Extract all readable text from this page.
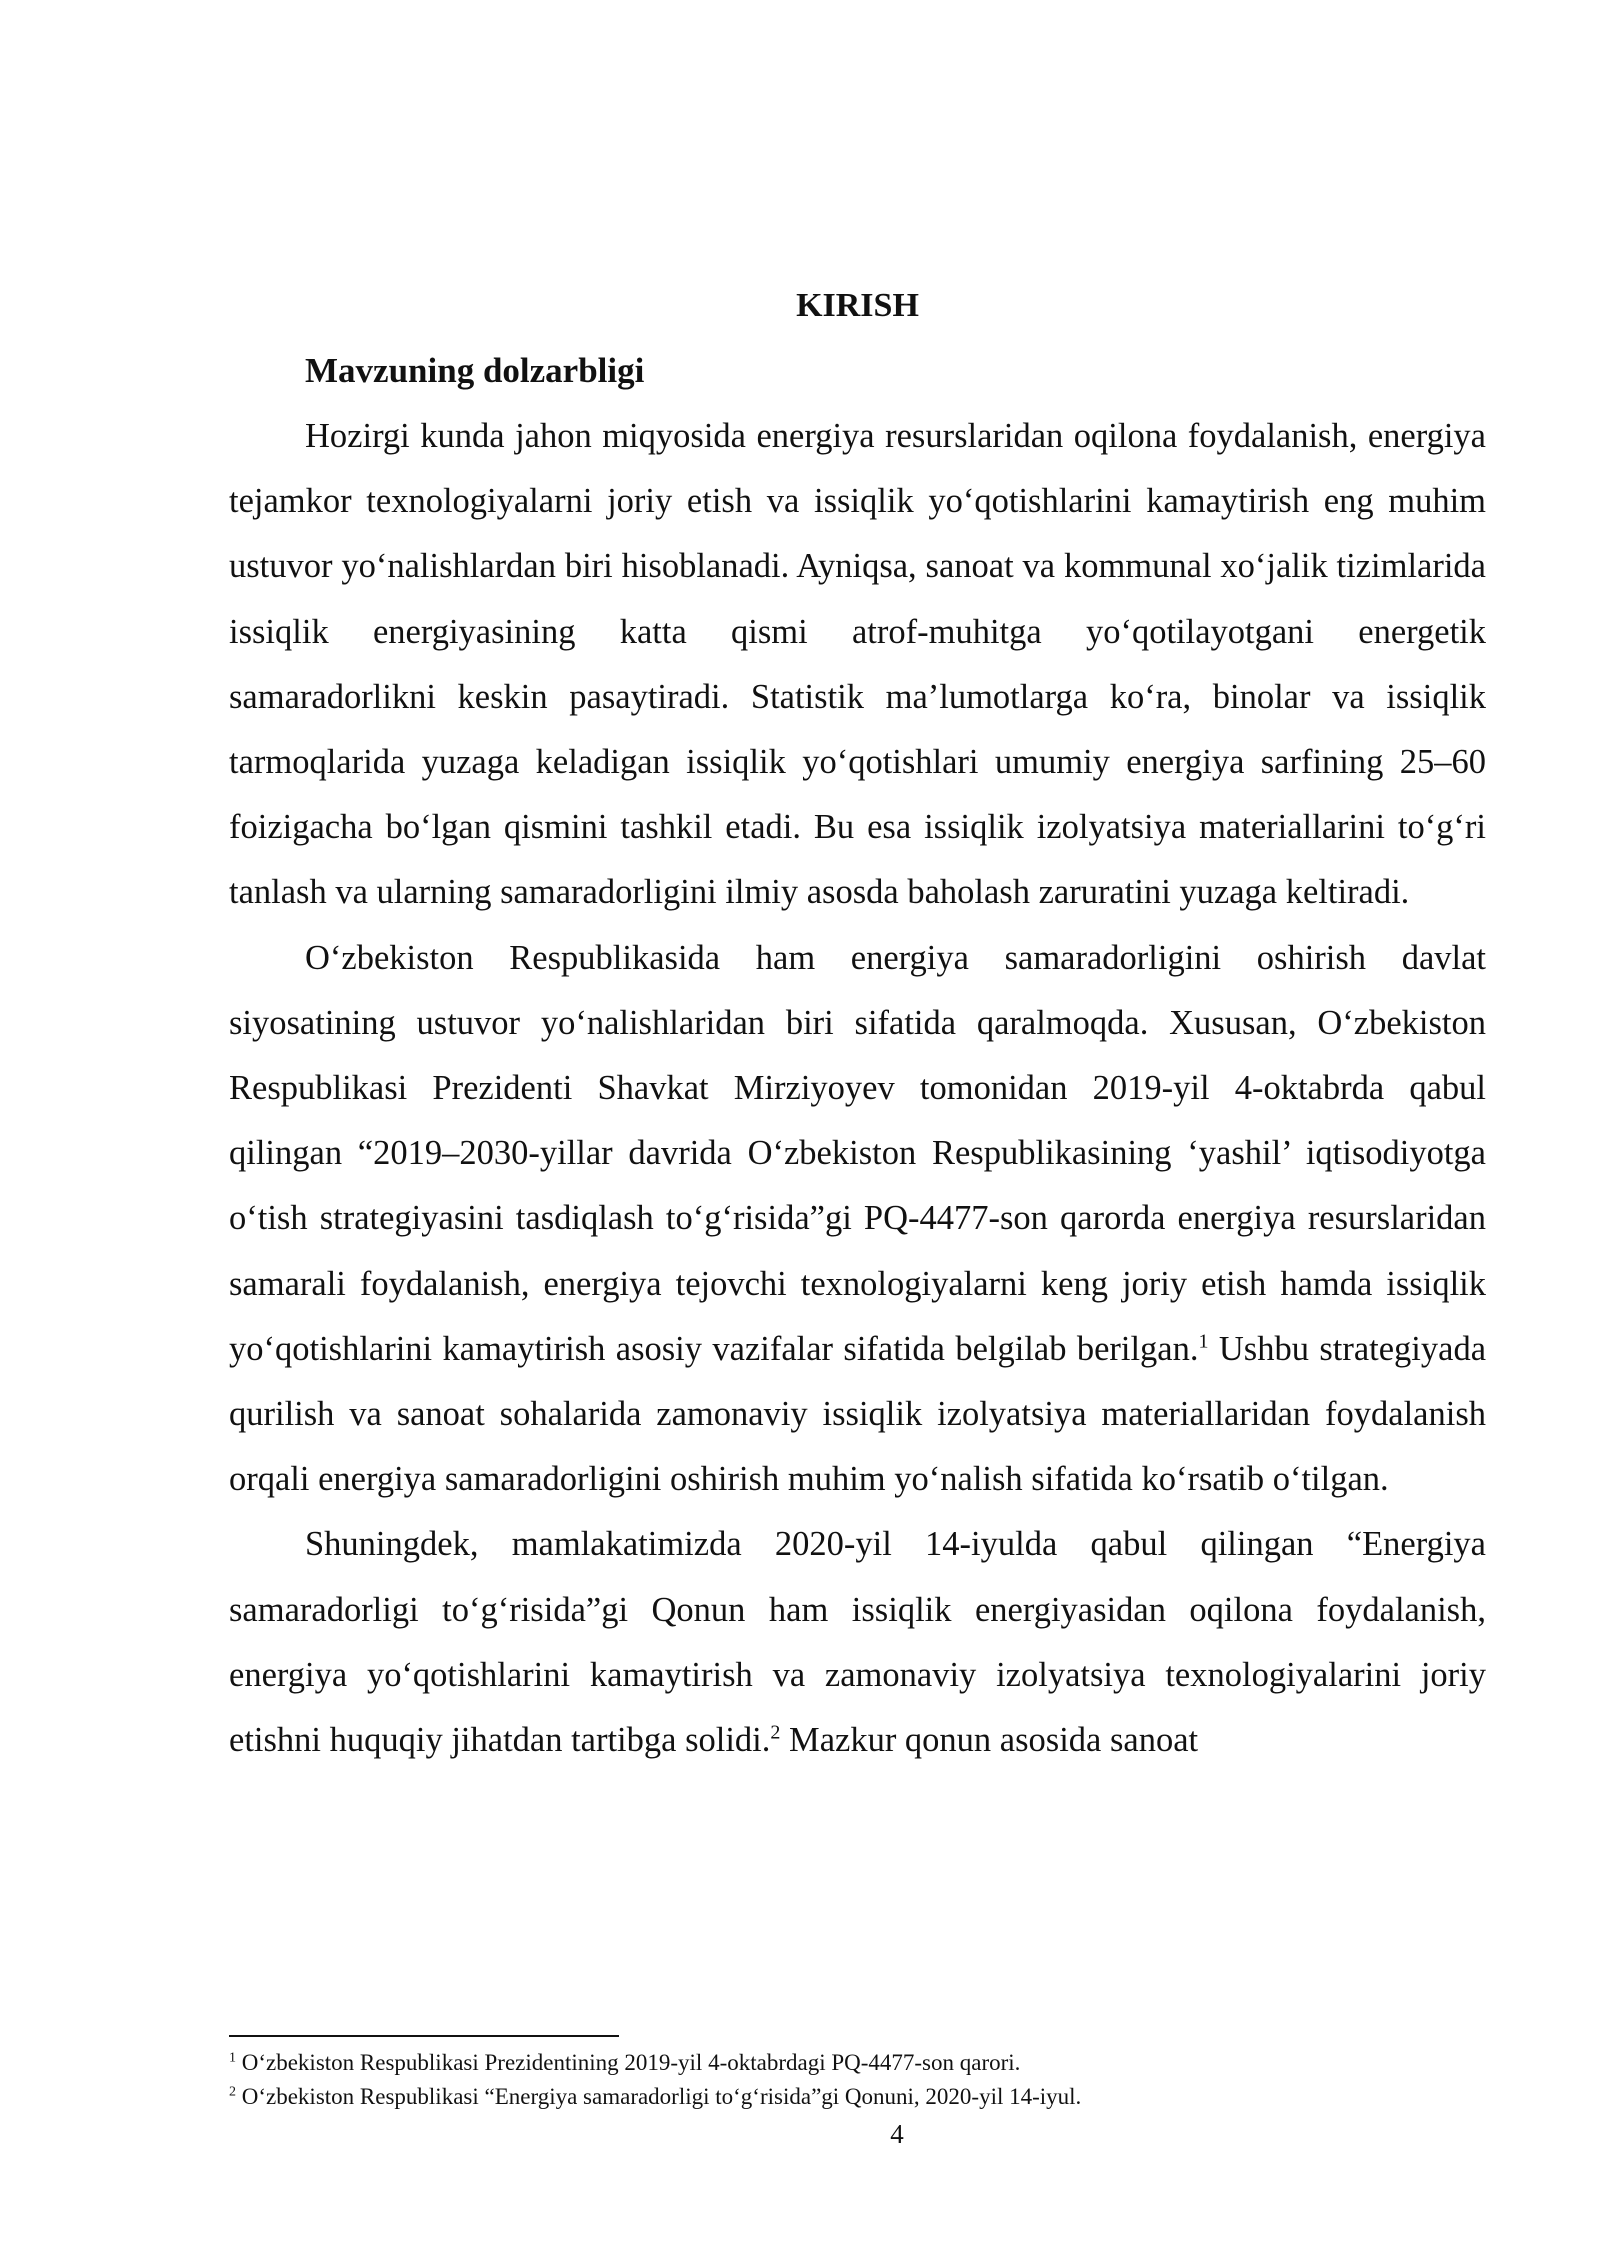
KIRISH
Mavzuning dolzarbligi

Hozirgi kunda jahon miqyosida energiya resurslaridan oqilona foydalanish, energiya tejamkor texnologiyalarni joriy etish va issiqlik yo‘qotishlarini kamaytirish eng muhim ustuvor yo‘nalishlardan biri hisoblanadi. Ayniqsa, sanoat va kommunal xo‘jalik tizimlarida issiqlik energiyasining katta qismi atrof-muhitga yo‘qotilayotgani energetik samaradorlikni keskin pasaytiradi. Statistik ma’lumotlarga ko‘ra, binolar va issiqlik tarmoqlarida yuzaga keladigan issiqlik yo‘qotishlari umumiy energiya sarfining 25–60 foizigacha bo‘lgan qismini tashkil etadi. Bu esa issiqlik izolyatsiya materiallarini to‘g‘ri tanlash va ularning samaradorligini ilmiy asosda baholash zaruratini yuzaga keltiradi.

O‘zbekiston Respublikasida ham energiya samaradorligini oshirish davlat siyosatining ustuvor yo‘nalishlaridan biri sifatida qaralmoqda. Xususan, O‘zbekiston Respublikasi Prezidenti Shavkat Mirziyoyev tomonidan 2019-yil 4-oktabrda qabul qilingan “2019–2030-yillar davrida O‘zbekiston Respublikasining ‘yashil’ iqtisodiyotga o‘tish strategiyasini tasdiqlash to‘g‘risida”gi PQ-4477-son qarorda energiya resurslaridan samarali foydalanish, energiya tejovchi texnologiyalarni keng joriy etish hamda issiqlik yo‘qotishlarini kamaytirish asosiy vazifalar sifatida belgilab berilgan.$^1$ Ushbu strategiyada qurilish va sanoat sohalarida zamonaviy issiqlik izolyatsiya materiallaridan foydalanish orqali energiya samaradorligini oshirish muhim yo‘nalish sifatida ko‘rsatib o‘tilgan.

Shuningdek, mamlakatimizda 2020-yil 14-iyulda qabul qilingan “Energiya samaradorligi to‘g‘risida”gi Qonun ham issiqlik energiyasidan oqilona foydalanish, energiya yo‘qotishlarini kamaytirish va zamonaviy izolyatsiya texnologiyalarini joriy etishni huquqiy jihatdan tartibga solidi.$^2$ Mazkur qonun asosida sanoat

$^1$ O‘zbekiston Respublikasi Prezidentining 2019-yil 4-oktabrdagi PQ-4477-son qarori.

$^2$ O‘zbekiston Respublikasi “Energiya samaradorligi to‘g‘risida”gi Qonuni, 2020-yil 14-iyul.

4
